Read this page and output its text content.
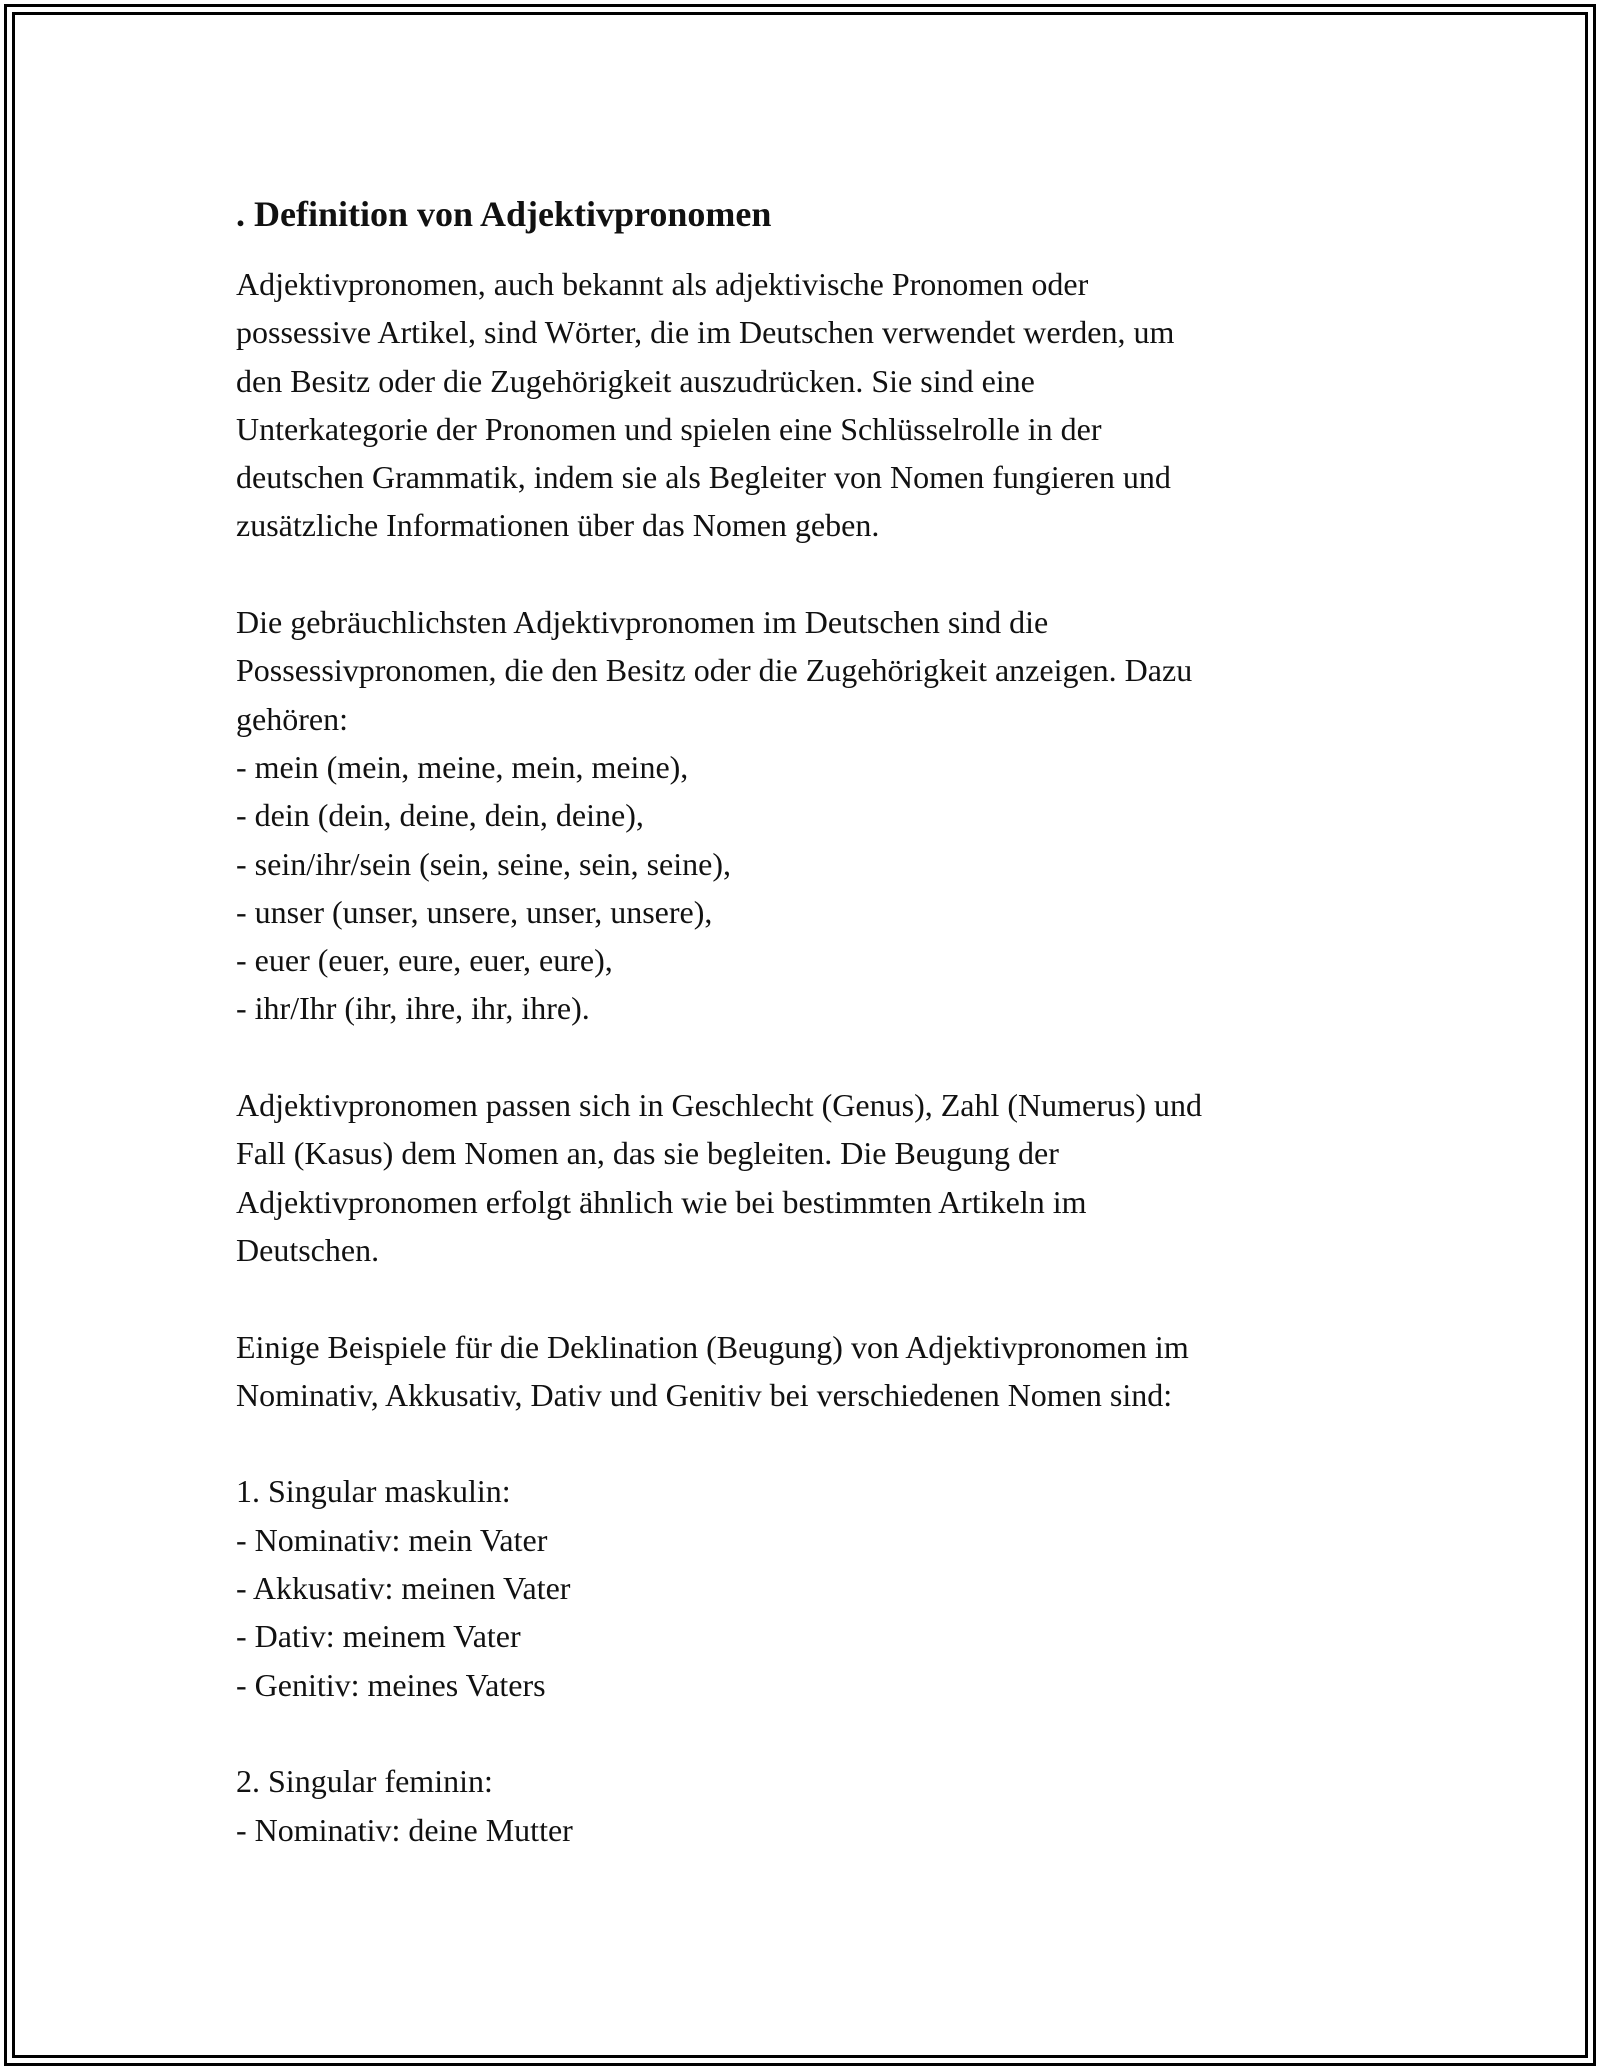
. Definition von Adjektivpronomen
Adjektivpronomen, auch bekannt als adjektivische Pronomen oder
possessive Artikel, sind Wörter, die im Deutschen verwendet werden, um
den Besitz oder die Zugehörigkeit auszudrücken. Sie sind eine
Unterkategorie der Pronomen und spielen eine Schlüsselrolle in der
deutschen Grammatik, indem sie als Begleiter von Nomen fungieren und
zusätzliche Informationen über das Nomen geben.
Die gebräuchlichsten Adjektivpronomen im Deutschen sind die
Possessivpronomen, die den Besitz oder die Zugehörigkeit anzeigen. Dazu
gehören:
- mein (mein, meine, mein, meine),
- dein (dein, deine, dein, deine),
- sein/ihr/sein (sein, seine, sein, seine),
- unser (unser, unsere, unser, unsere),
- euer (euer, eure, euer, eure),
- ihr/Ihr (ihr, ihre, ihr, ihre).
Adjektivpronomen passen sich in Geschlecht (Genus), Zahl (Numerus) und
Fall (Kasus) dem Nomen an, das sie begleiten. Die Beugung der
Adjektivpronomen erfolgt ähnlich wie bei bestimmten Artikeln im
Deutschen.
Einige Beispiele für die Deklination (Beugung) von Adjektivpronomen im
Nominativ, Akkusativ, Dativ und Genitiv bei verschiedenen Nomen sind:
1. Singular maskulin:
- Nominativ: mein Vater
- Akkusativ: meinen Vater
- Dativ: meinem Vater
- Genitiv: meines Vaters
2. Singular feminin:
- Nominativ: deine Mutter
